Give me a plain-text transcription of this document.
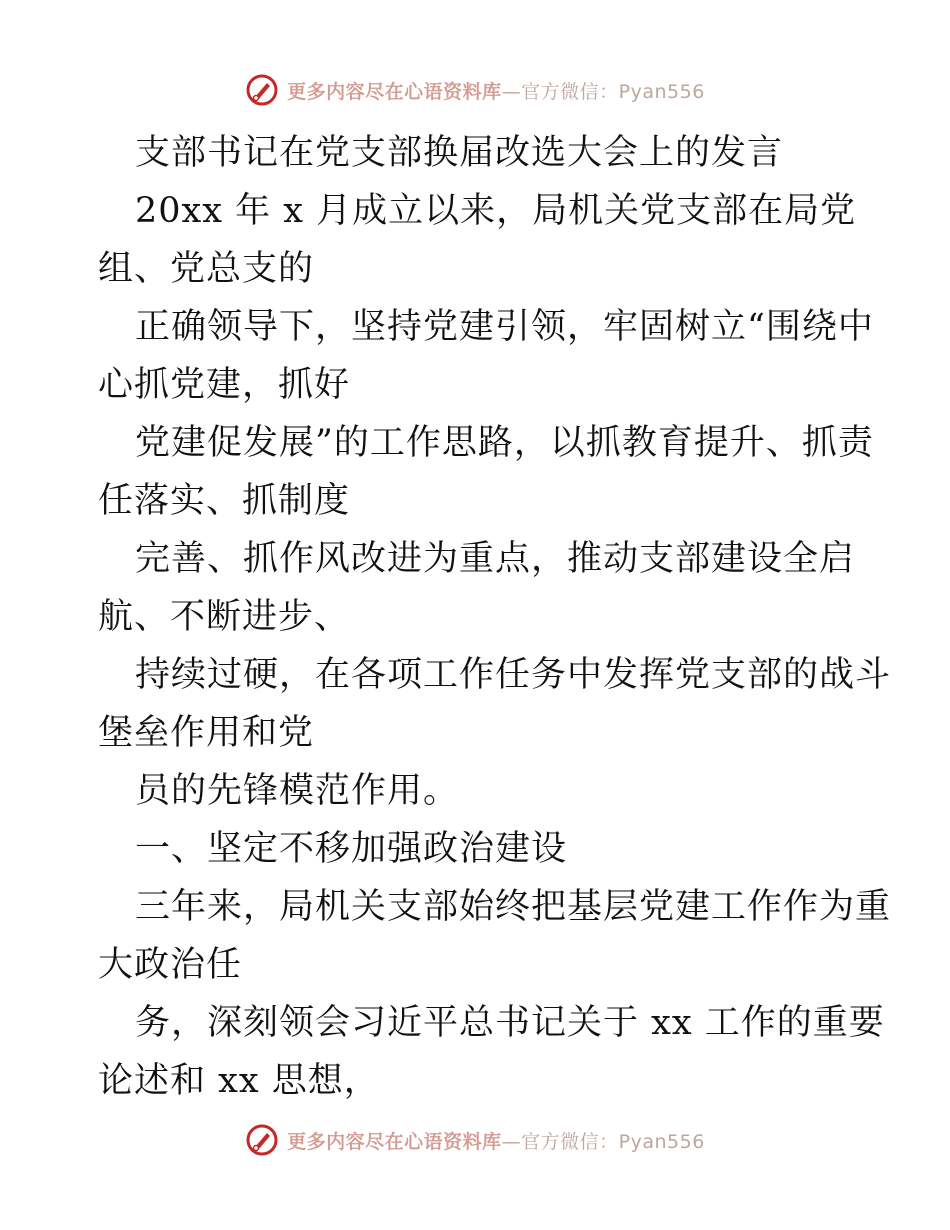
更多内容尽在心语资料库—官方微信：Pyan556
支部书记在党支部换届改选大会上的发言
20xx 年 x 月成立以来，局机关党支部在局党
组、党总支的
正确领导下，坚持党建引领，牢固树立“围绕中
心抓党建，抓好
党建促发展”的工作思路，以抓教育提升、抓责
任落实、抓制度
完善、抓作风改进为重点，推动支部建设全启
航、不断进步、
持续过硬，在各项工作任务中发挥党支部的战斗
堡垒作用和党
员的先锋模范作用。
一、坚定不移加强政治建设
三年来，局机关支部始终把基层党建工作作为重
大政治任
务，深刻领会习近平总书记关于 xx 工作的重要
论述和 xx 思想，
更多内容尽在心语资料库—官方微信：Pyan556
